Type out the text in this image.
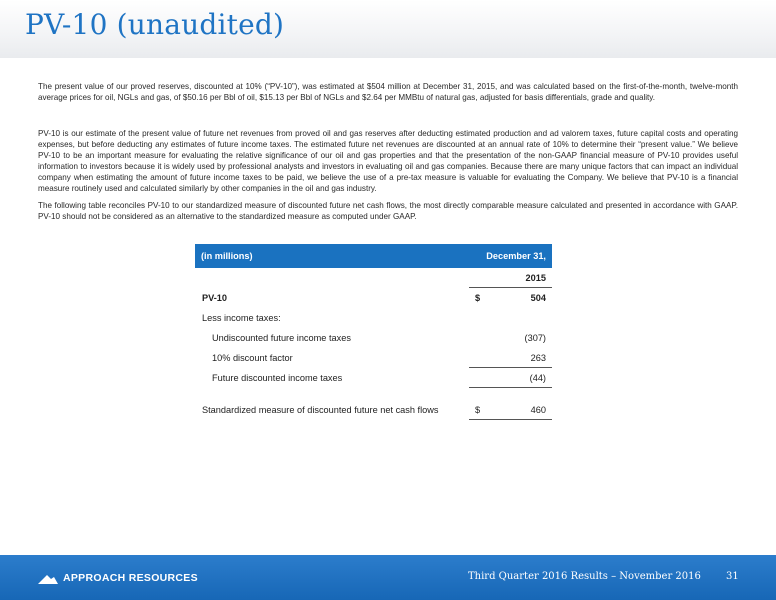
PV-10 (unaudited)
The present value of our proved reserves, discounted at 10% (“PV-10”), was estimated at $504 million at December 31, 2015, and was calculated based on the first-of-the-month, twelve-month average prices for oil, NGLs and gas, of $50.16 per Bbl of oil, $15.13 per Bbl of NGLs and $2.64 per MMBtu of natural gas, adjusted for basis differentials, grade and quality.
PV-10 is our estimate of the present value of future net revenues from proved oil and gas reserves after deducting estimated production and ad valorem taxes, future capital costs and operating expenses, but before deducting any estimates of future income taxes. The estimated future net revenues are discounted at an annual rate of 10% to determine their “present value.” We believe PV-10 to be an important measure for evaluating the relative significance of our oil and gas properties and that the presentation of the non-GAAP financial measure of PV-10 provides useful information to investors because it is widely used by professional analysts and investors in evaluating oil and gas companies. Because there are many unique factors that can impact an individual company when estimating the amount of future income taxes to be paid, we believe the use of a pre-tax measure is valuable for evaluating the Company. We believe that PV-10 is a financial measure routinely used and calculated similarly by other companies in the oil and gas industry.
The following table reconciles PV-10 to our standardized measure of discounted future net cash flows, the most directly comparable measure calculated and presented in accordance with GAAP. PV-10 should not be considered as an alternative to the standardized measure as computed under GAAP.
(in millions)	December 31,
2015
PV-10	$	504
Less income taxes:
Undiscounted future income taxes	(307)
10% discount factor	263
Future discounted income taxes	(44)
Standardized measure of discounted future net cash flows	$	460
APPROACH RESOURCES	Third Quarter 2016 Results – November 2016	31
